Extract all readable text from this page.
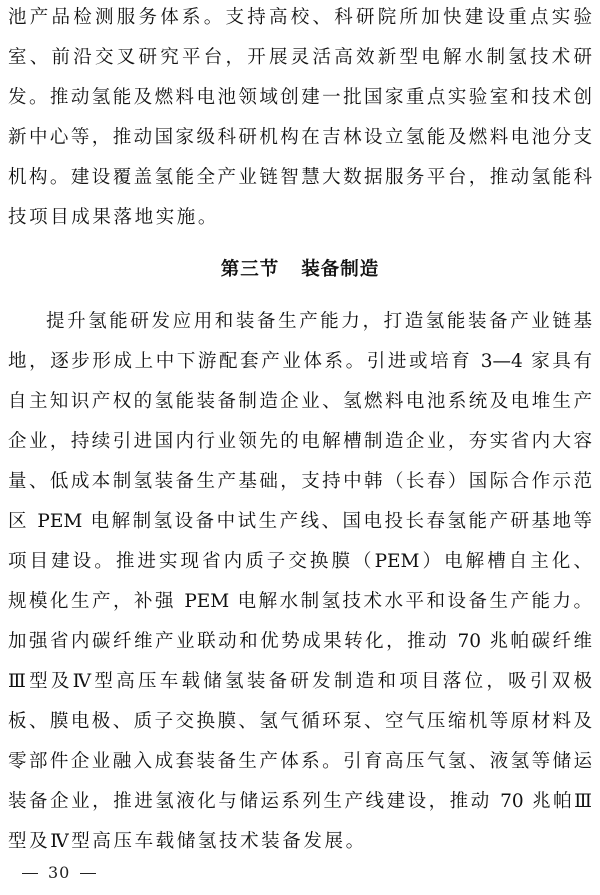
池产品检测服务体系。支持高校、科研院所加快建设重点实验
室、前沿交叉研究平台，开展灵活高效新型电解水制氢技术研
发。推动氢能及燃料电池领域创建一批国家重点实验室和技术创
新中心等，推动国家级科研机构在吉林设立氢能及燃料电池分支
机构。建设覆盖氢能全产业链智慧大数据服务平台，推动氢能科
技项目成果落地实施。
第三节 装备制造
提升氢能研发应用和装备生产能力，打造氢能装备产业链基
地，逐步形成上中下游配套产业体系。引进或培育 3—4 家具有
自主知识产权的氢能装备制造企业、氢燃料电池系统及电堆生产
企业，持续引进国内行业领先的电解槽制造企业，夯实省内大容
量、低成本制氢装备生产基础，支持中韩（长春）国际合作示范
区 PEM 电解制氢设备中试生产线、国电投长春氢能产研基地等
项目建设。推进实现省内质子交换膜（PEM）电解槽自主化、
规模化生产，补强 PEM 电解水制氢技术水平和设备生产能力。
加强省内碳纤维产业联动和优势成果转化，推动 70 兆帕碳纤维
Ⅲ型及Ⅳ型高压车载储氢装备研发制造和项目落位，吸引双极
板、膜电极、质子交换膜、氢气循环泵、空气压缩机等原材料及
零部件企业融入成套装备生产体系。引育高压气氢、液氢等储运
装备企业，推进氢液化与储运系列生产线建设，推动 70 兆帕Ⅲ
型及Ⅳ型高压车载储氢技术装备发展。
30
